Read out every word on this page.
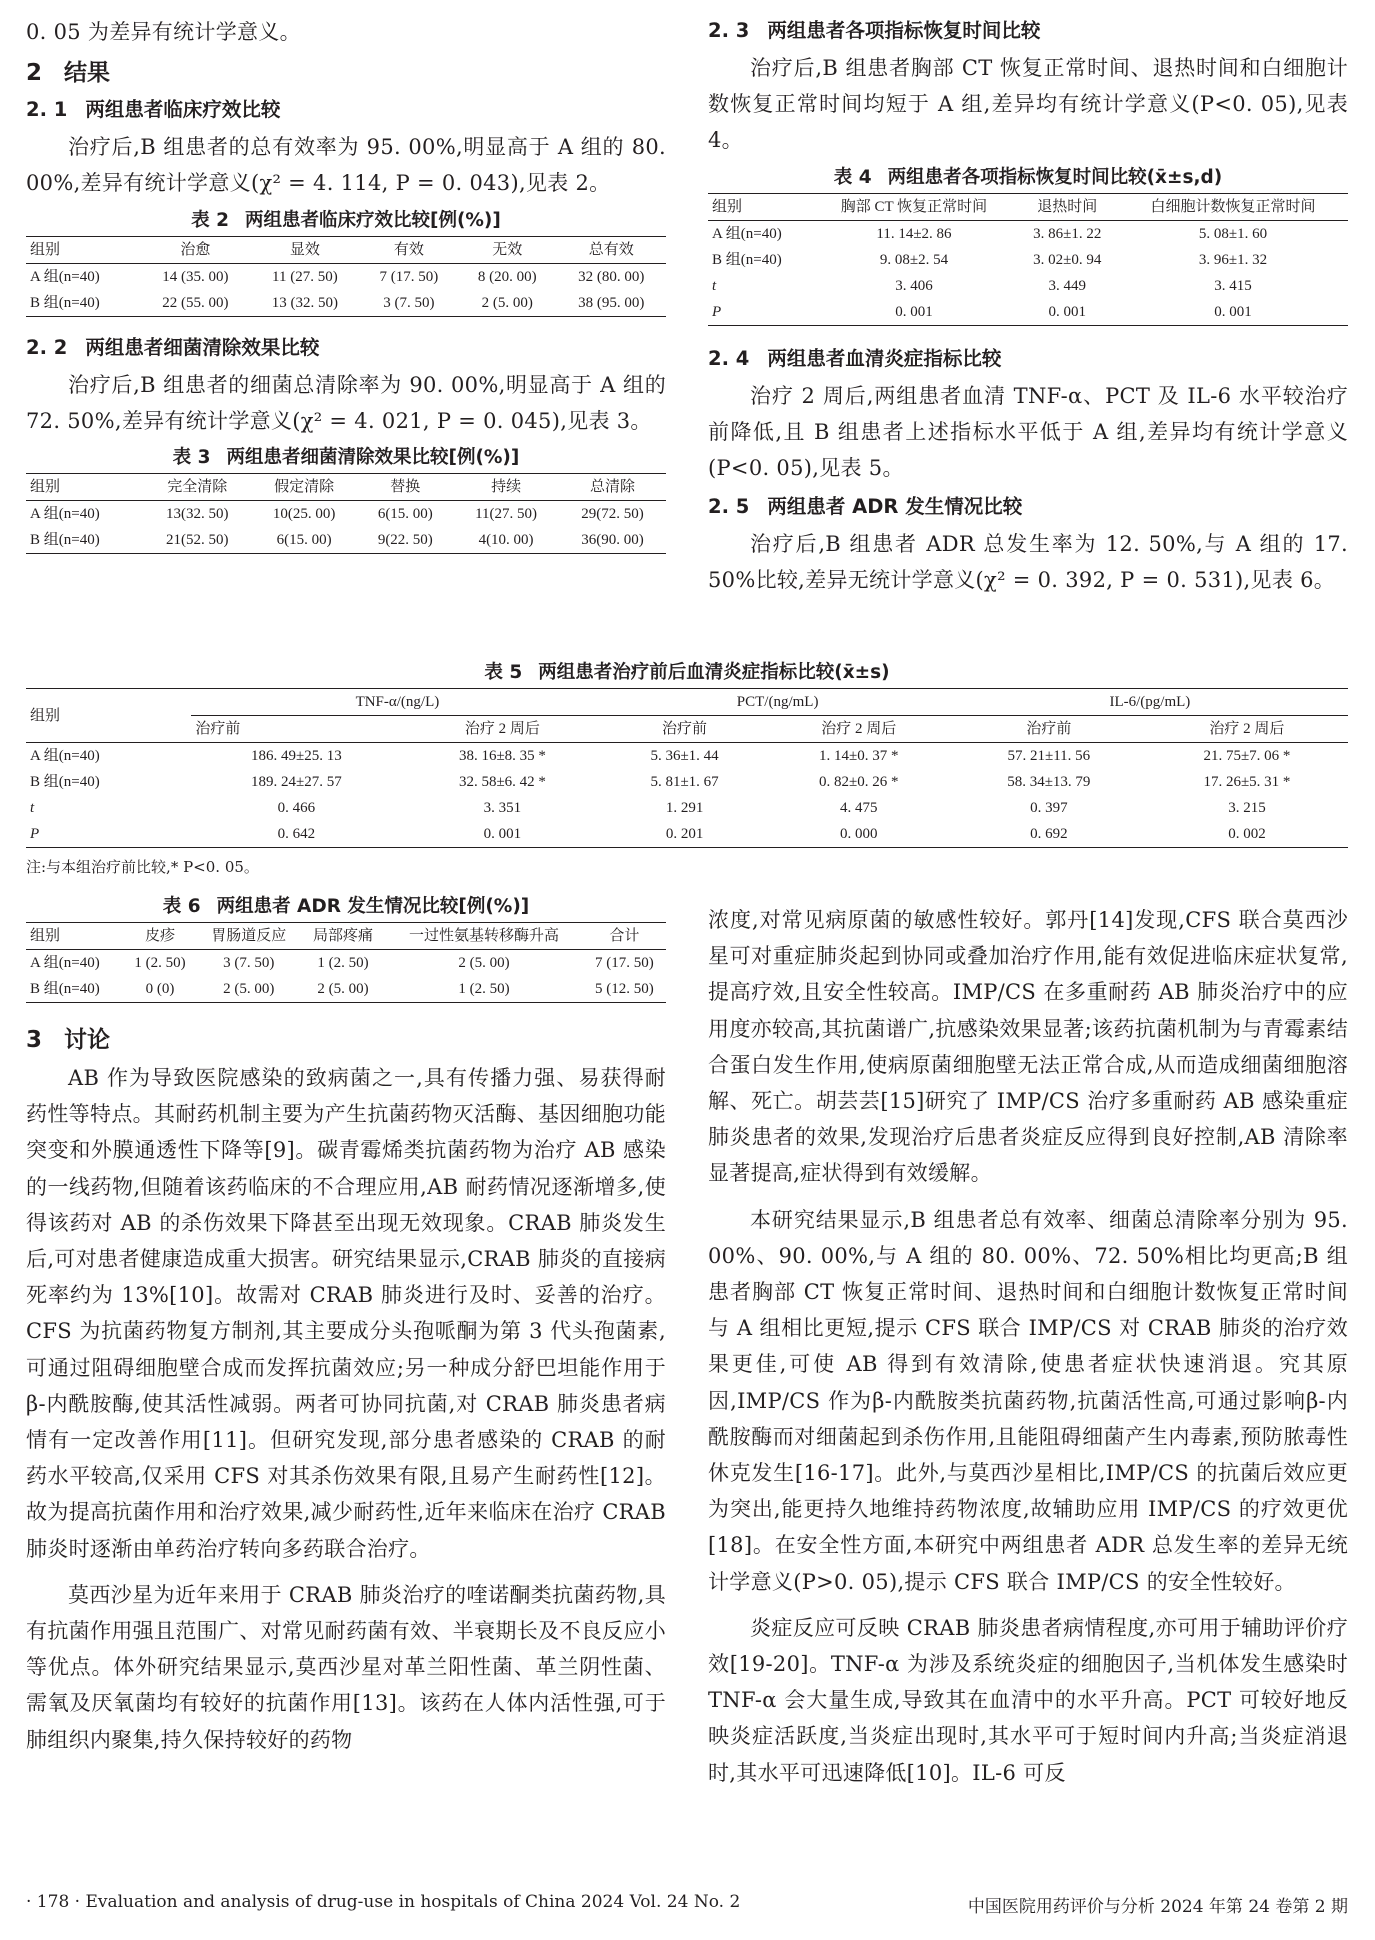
0. 05 为差异有统计学意义。

2 结果
2. 1 两组患者临床疗效比较

治疗后,B 组患者的总有效率为 95. 00%,明显高于 A 组的 80. 00%,差异有统计学意义(χ² = 4. 114, P = 0. 043),见表 2。

表 2 两组患者临床疗效比较[例(%)]
组别	治愈	显效	有效	无效	总有效
A 组(n=40)	14 (35. 00)	11 (27. 50)	7 (17. 50)	8 (20. 00)	32 (80. 00)
B 组(n=40)	22 (55. 00)	13 (32. 50)	3 (7. 50)	2 (5. 00)	38 (95. 00)
2. 2 两组患者细菌清除效果比较

治疗后,B 组患者的细菌总清除率为 90. 00%,明显高于 A 组的 72. 50%,差异有统计学意义(χ² = 4. 021, P = 0. 045),见表 3。

表 3 两组患者细菌清除效果比较[例(%)]
组别	完全清除	假定清除	替换	持续	总清除
A 组(n=40)	13(32. 50)	10(25. 00)	6(15. 00)	11(27. 50)	29(72. 50)
B 组(n=40)	21(52. 50)	6(15. 00)	9(22. 50)	4(10. 00)	36(90. 00)
2. 3 两组患者各项指标恢复时间比较

治疗后,B 组患者胸部 CT 恢复正常时间、退热时间和白细胞计数恢复正常时间均短于 A 组,差异均有统计学意义(P<0. 05),见表 4。

表 4 两组患者各项指标恢复时间比较(x̄±s,d)
组别	胸部 CT 恢复正常时间	退热时间	白细胞计数恢复正常时间
A 组(n=40)	11. 14±2. 86	3. 86±1. 22	5. 08±1. 60
B 组(n=40)	9. 08±2. 54	3. 02±0. 94	3. 96±1. 32
t	3. 406	3. 449	3. 415
P	0. 001	0. 001	0. 001
2. 4 两组患者血清炎症指标比较

治疗 2 周后,两组患者血清 TNF-α、PCT 及 IL-6 水平较治疗前降低,且 B 组患者上述指标水平低于 A 组,差异均有统计学意义(P<0. 05),见表 5。

2. 5 两组患者 ADR 发生情况比较

治疗后,B 组患者 ADR 总发生率为 12. 50%,与 A 组的 17. 50%比较,差异无统计学意义(χ² = 0. 392, P = 0. 531),见表 6。

表 5 两组患者治疗前后血清炎症指标比较(x̄±s)
组别	TNF-α/(ng/L)		PCT/(ng/mL)		IL-6/(pg/mL)	
	治疗前	治疗 2 周后	治疗前	治疗 2 周后	治疗前	治疗 2 周后
A 组(n=40)	186. 49±25. 13	38. 16±8. 35 *	5. 36±1. 44	1. 14±0. 37 *	57. 21±11. 56	21. 75±7. 06 *
B 组(n=40)	189. 24±27. 57	32. 58±6. 42 *	5. 81±1. 67	0. 82±0. 26 *	58. 34±13. 79	17. 26±5. 31 *
t	0. 466	3. 351	1. 291	4. 475	0. 397	3. 215
P	0. 642	0. 001	0. 201	0. 000	0. 692	0. 002
注:与本组治疗前比较,* P<0. 05。
表 6 两组患者 ADR 发生情况比较[例(%)]
组别	皮疹	胃肠道反应	局部疼痛	一过性氨基转移酶升高	合计
A 组(n=40)	1 (2. 50)	3 (7. 50)	1 (2. 50)	2 (5. 00)	7 (17. 50)
B 组(n=40)	0 (0)	2 (5. 00)	2 (5. 00)	1 (2. 50)	5 (12. 50)
3 讨论

AB 作为导致医院感染的致病菌之一,具有传播力强、易获得耐药性等特点。其耐药机制主要为产生抗菌药物灭活酶、基因细胞功能突变和外膜通透性下降等[9]。碳青霉烯类抗菌药物为治疗 AB 感染的一线药物,但随着该药临床的不合理应用,AB 耐药情况逐渐增多,使得该药对 AB 的杀伤效果下降甚至出现无效现象。CRAB 肺炎发生后,可对患者健康造成重大损害。研究结果显示,CRAB 肺炎的直接病死率约为 13%[10]。故需对 CRAB 肺炎进行及时、妥善的治疗。CFS 为抗菌药物复方制剂,其主要成分头孢哌酮为第 3 代头孢菌素,可通过阻碍细胞壁合成而发挥抗菌效应;另一种成分舒巴坦能作用于β-内酰胺酶,使其活性减弱。两者可协同抗菌,对 CRAB 肺炎患者病情有一定改善作用[11]。但研究发现,部分患者感染的 CRAB 的耐药水平较高,仅采用 CFS 对其杀伤效果有限,且易产生耐药性[12]。故为提高抗菌作用和治疗效果,减少耐药性,近年来临床在治疗 CRAB 肺炎时逐渐由单药治疗转向多药联合治疗。

莫西沙星为近年来用于 CRAB 肺炎治疗的喹诺酮类抗菌药物,具有抗菌作用强且范围广、对常见耐药菌有效、半衰期长及不良反应小等优点。体外研究结果显示,莫西沙星对革兰阳性菌、革兰阴性菌、需氧及厌氧菌均有较好的抗菌作用[13]。该药在人体内活性强,可于肺组织内聚集,持久保持较好的药物

浓度,对常见病原菌的敏感性较好。郭丹[14]发现,CFS 联合莫西沙星可对重症肺炎起到协同或叠加治疗作用,能有效促进临床症状复常,提高疗效,且安全性较高。IMP/CS 在多重耐药 AB 肺炎治疗中的应用度亦较高,其抗菌谱广,抗感染效果显著;该药抗菌机制为与青霉素结合蛋白发生作用,使病原菌细胞壁无法正常合成,从而造成细菌细胞溶解、死亡。胡芸芸[15]研究了 IMP/CS 治疗多重耐药 AB 感染重症肺炎患者的效果,发现治疗后患者炎症反应得到良好控制,AB 清除率显著提高,症状得到有效缓解。

本研究结果显示,B 组患者总有效率、细菌总清除率分别为 95. 00%、90. 00%,与 A 组的 80. 00%、72. 50%相比均更高;B 组患者胸部 CT 恢复正常时间、退热时间和白细胞计数恢复正常时间与 A 组相比更短,提示 CFS 联合 IMP/CS 对 CRAB 肺炎的治疗效果更佳,可使 AB 得到有效清除,使患者症状快速消退。究其原因,IMP/CS 作为β-内酰胺类抗菌药物,抗菌活性高,可通过影响β-内酰胺酶而对细菌起到杀伤作用,且能阻碍细菌产生内毒素,预防脓毒性休克发生[16-17]。此外,与莫西沙星相比,IMP/CS 的抗菌后效应更为突出,能更持久地维持药物浓度,故辅助应用 IMP/CS 的疗效更优[18]。在安全性方面,本研究中两组患者 ADR 总发生率的差异无统计学意义(P>0. 05),提示 CFS 联合 IMP/CS 的安全性较好。

炎症反应可反映 CRAB 肺炎患者病情程度,亦可用于辅助评价疗效[19-20]。TNF-α 为涉及系统炎症的细胞因子,当机体发生感染时 TNF-α 会大量生成,导致其在血清中的水平升高。PCT 可较好地反映炎症活跃度,当炎症出现时,其水平可于短时间内升高;当炎症消退时,其水平可迅速降低[10]。IL-6 可反

· 178 · Evaluation and analysis of drug-use in hospitals of China 2024 Vol. 24 No. 2	中国医院用药评价与分析 2024 年第 24 卷第 2 期
